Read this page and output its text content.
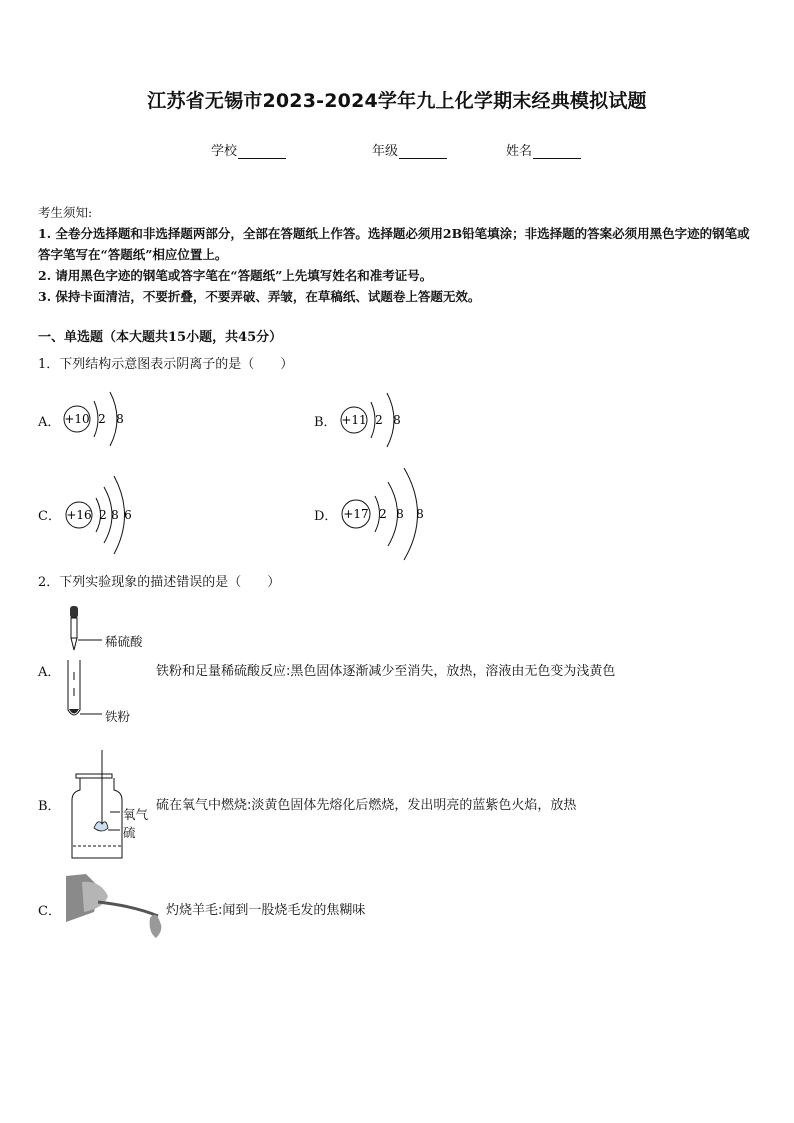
江苏省无锡市2023-2024学年九上化学期末经典模拟试题
学校	年级	姓名
考生须知:
1. 全卷分选择题和非选择题两部分，全部在答题纸上作答。选择题必须用2B铅笔填涂；非选择题的答案必须用黑色字迹的钢笔或答字笔写在“答题纸”相应位置上。
2. 请用黑色字迹的钢笔或答字笔在“答题纸”上先填写姓名和准考证号。
3. 保持卡面清洁，不要折叠，不要弄破、弄皱，在草稿纸、试题卷上答题无效。
一、单选题（本大题共15小题，共45分）
1．下列结构示意图表示阴离子的是（　　）
A． +10 2 8	B． +11 2 8
C． +16 2 8 6	D． +17 2 8 8
2．下列实验现象的描述错误的是（　　）
A．
稀硫酸
铁粉
铁粉和足量稀硫酸反应:黑色固体逐渐减少至消失，放热，溶液由无色变为浅黄色
B．
氧气
硫
硫在氧气中燃烧:淡黄色固体先熔化后燃烧，发出明亮的蓝紫色火焰，放热
C．	灼烧羊毛:闻到一股烧毛发的焦糊味
